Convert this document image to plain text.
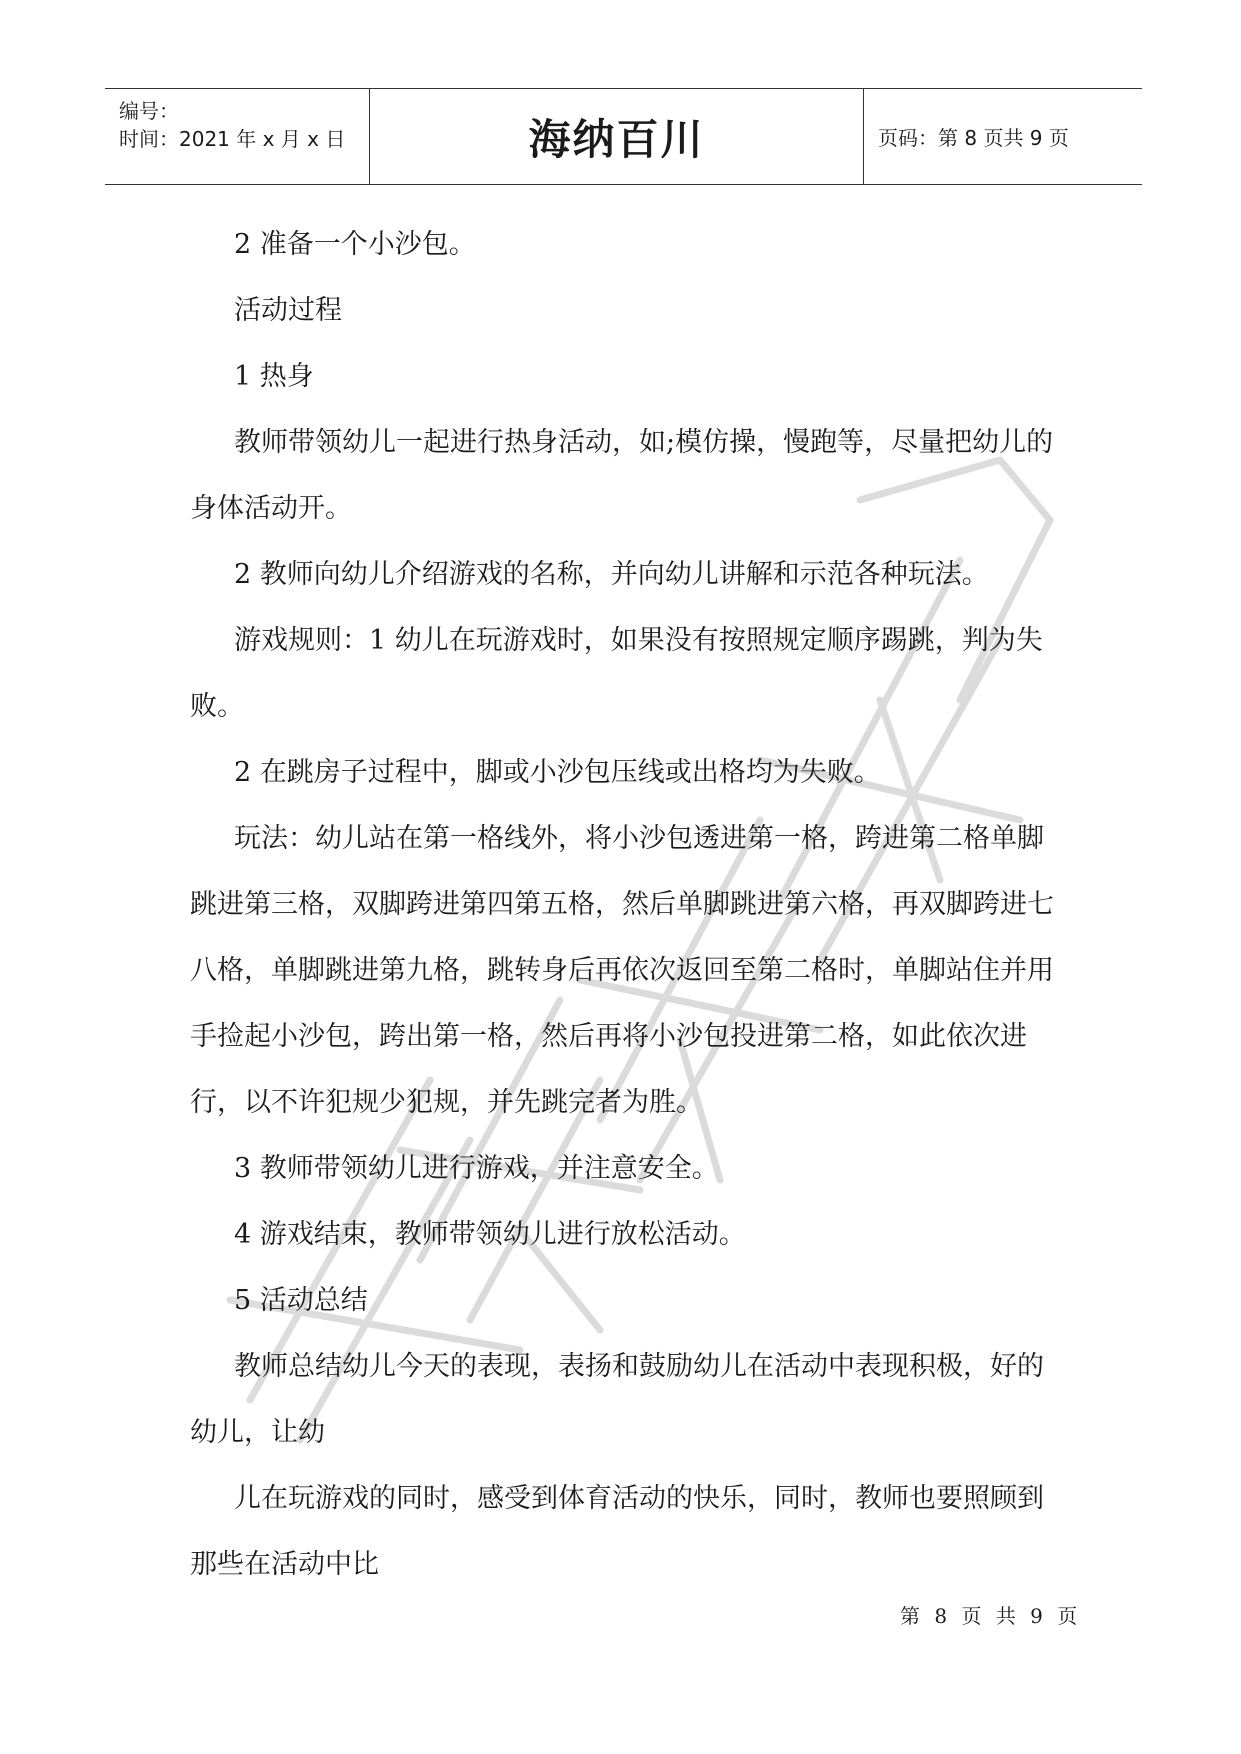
编号：
时间：2021 年 x 月 x 日	海纳百川	页码：第 8 页共 9 页

2 准备一个小沙包。

活动过程

1 热身

教师带领幼儿一起进行热身活动，如;模仿操，慢跑等，尽量把幼儿的身体活动开。

2 教师向幼儿介绍游戏的名称，并向幼儿讲解和示范各种玩法。

游戏规则：1 幼儿在玩游戏时，如果没有按照规定顺序踢跳，判为失败。

2 在跳房子过程中，脚或小沙包压线或出格均为失败。

玩法：幼儿站在第一格线外，将小沙包透进第一格，跨进第二格单脚跳进第三格，双脚跨进第四第五格，然后单脚跳进第六格，再双脚跨进七八格，单脚跳进第九格，跳转身后再依次返回至第二格时，单脚站住并用手捡起小沙包，跨出第一格，然后再将小沙包投进第二格，如此依次进行，以不许犯规少犯规，并先跳完者为胜。

3 教师带领幼儿进行游戏，并注意安全。

4 游戏结束，教师带领幼儿进行放松活动。

5 活动总结

教师总结幼儿今天的表现，表扬和鼓励幼儿在活动中表现积极，好的幼儿，让幼

儿在玩游戏的同时，感受到体育活动的快乐，同时，教师也要照顾到那些在活动中比

第 8 页 共 9 页
